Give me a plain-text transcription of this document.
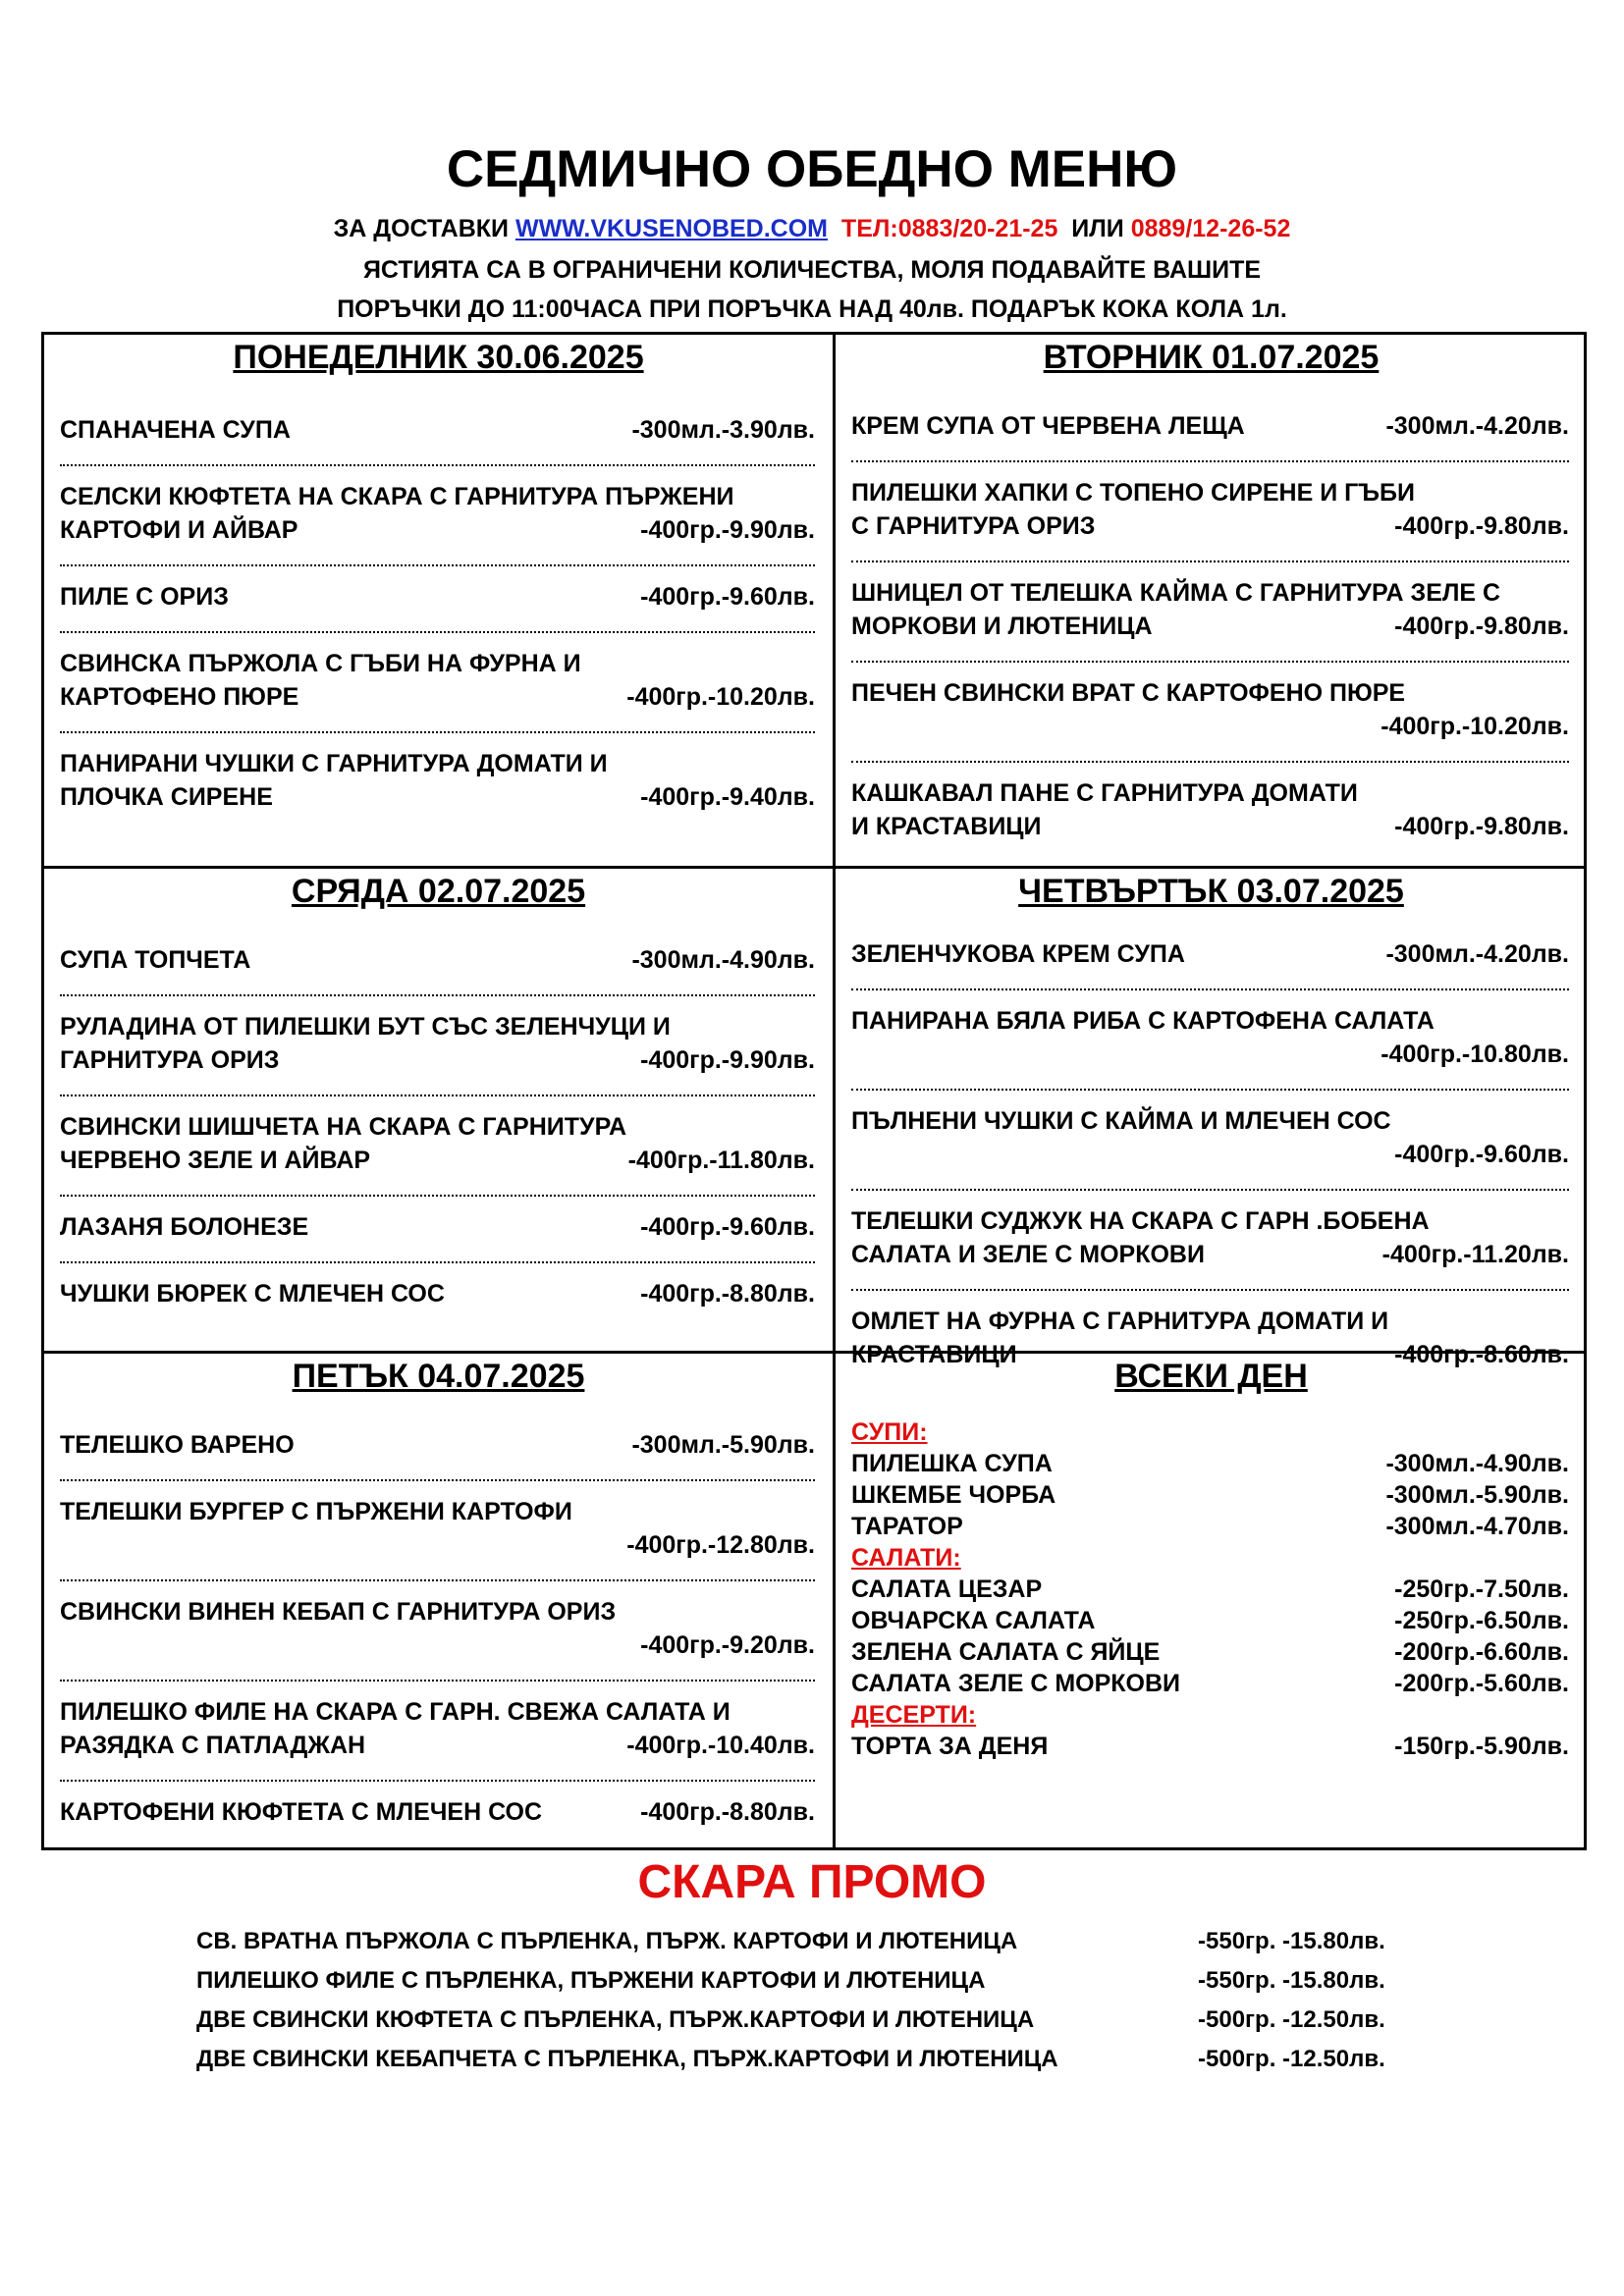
СЕДМИЧНО ОБЕДНО МЕНЮ
ЗА ДОСТАВКИ WWW.VKUSENOBED.COM ТЕЛ:0883/20-21-25 ИЛИ 0889/12-26-52
ЯСТИЯТА СА В ОГРАНИЧЕНИ КОЛИЧЕСТВА, МОЛЯ ПОДАВАЙТЕ ВАШИТЕ
ПОРЪЧКИ ДО 11:00ЧАСА ПРИ ПОРЪЧКА НАД 40лв. ПОДАРЪК КОКА КОЛА 1л.
ПОНЕДЕЛНИК 30.06.2025
СПАНАЧЕНА СУПА	-300мл.-3.90лв.
СЕЛСКИ КЮФТЕТА НА СКАРА С ГАРНИТУРА ПЪРЖЕНИ
КАРТОФИ И АЙВАР	-400гр.-9.90лв.
ПИЛЕ С ОРИЗ	-400гр.-9.60лв.
СВИНСКА ПЪРЖОЛА С ГЪБИ НА ФУРНА И
КАРТОФЕНО ПЮРЕ	-400гр.-10.20лв.
ПАНИРАНИ ЧУШКИ С ГАРНИТУРА ДОМАТИ И
ПЛОЧКА СИРЕНЕ	-400гр.-9.40лв.
ВТОРНИК 01.07.2025
КРЕМ СУПА ОТ ЧЕРВЕНА ЛЕЩА	-300мл.-4.20лв.
ПИЛЕШКИ ХАПКИ С ТОПЕНО СИРЕНЕ И ГЪБИ
С ГАРНИТУРА ОРИЗ	-400гр.-9.80лв.
ШНИЦЕЛ ОТ ТЕЛЕШКА КАЙМА С ГАРНИТУРА ЗЕЛЕ С
МОРКОВИ И ЛЮТЕНИЦА	-400гр.-9.80лв.
ПЕЧЕН СВИНСКИ ВРАТ С КАРТОФЕНО ПЮРЕ

-400гр.-10.20лв.
КАШКАВАЛ ПАНЕ С ГАРНИТУРА ДОМАТИ
И КРАСТАВИЦИ	-400гр.-9.80лв.
СРЯДА 02.07.2025
СУПА ТОПЧЕТА	-300мл.-4.90лв.
РУЛАДИНА ОТ ПИЛЕШКИ БУТ СЪС ЗЕЛЕНЧУЦИ И
ГАРНИТУРА ОРИЗ	-400гр.-9.90лв.
СВИНСКИ ШИШЧЕТА НА СКАРА С ГАРНИТУРА
ЧЕРВЕНО ЗЕЛЕ И АЙВАР	-400гр.-11.80лв.
ЛАЗАНЯ БОЛОНЕЗЕ	-400гр.-9.60лв.
ЧУШКИ БЮРЕК С МЛЕЧЕН СОС	-400гр.-8.80лв.
ЧЕТВЪРТЪК 03.07.2025
ЗЕЛЕНЧУКОВА КРЕМ СУПА	-300мл.-4.20лв.
ПАНИРАНА БЯЛА РИБА С КАРТОФЕНА САЛАТА

-400гр.-10.80лв.
ПЪЛНЕНИ ЧУШКИ С КАЙМА И МЛЕЧЕН СОС

-400гр.-9.60лв.
ТЕЛЕШКИ СУДЖУК НА СКАРА С ГАРН .БОБЕНА
САЛАТА И ЗЕЛЕ С МОРКОВИ	-400гр.-11.20лв.
ОМЛЕТ НА ФУРНА С ГАРНИТУРА ДОМАТИ И
КРАСТАВИЦИ	-400гр.-8.60лв.
ПЕТЪК 04.07.2025
ТЕЛЕШКО ВАРЕНО	-300мл.-5.90лв.
ТЕЛЕШКИ БУРГЕР С ПЪРЖЕНИ КАРТОФИ

-400гр.-12.80лв.
СВИНСКИ ВИНЕН КЕБАП С ГАРНИТУРА ОРИЗ

-400гр.-9.20лв.
ПИЛЕШКО ФИЛЕ НА СКАРА С ГАРН. СВЕЖА САЛАТА И
РАЗЯДКА С ПАТЛАДЖАН	-400гр.-10.40лв.
КАРТОФЕНИ КЮФТЕТА С МЛЕЧЕН СОС	-400гр.-8.80лв.
ВСЕКИ ДЕН
СУПИ:
ПИЛЕШКА СУПА	-300мл.-4.90лв.
ШКЕМБЕ ЧОРБА	-300мл.-5.90лв.
ТАРАТОР	-300мл.-4.70лв.
САЛАТИ:
САЛАТА ЦЕЗАР	-250гр.-7.50лв.
ОВЧАРСКА САЛАТА	-250гр.-6.50лв.
ЗЕЛЕНА САЛАТА С ЯЙЦЕ	-200гр.-6.60лв.
САЛАТА ЗЕЛЕ С МОРКОВИ	-200гр.-5.60лв.
ДЕСЕРТИ:
ТОРТА ЗА ДЕНЯ	-150гр.-5.90лв.
СКАРА ПРОМО
СВ. ВРАТНА ПЪРЖОЛА С ПЪРЛЕНКА, ПЪРЖ. КАРТОФИ И ЛЮТЕНИЦА	-550гр. -15.80лв.
ПИЛЕШКО ФИЛЕ С ПЪРЛЕНКА, ПЪРЖЕНИ КАРТОФИ И ЛЮТЕНИЦА	-550гр. -15.80лв.
ДВЕ СВИНСКИ КЮФТЕТА С ПЪРЛЕНКА, ПЪРЖ.КАРТОФИ И ЛЮТЕНИЦА	-500гр. -12.50лв.
ДВЕ СВИНСКИ КЕБАПЧЕТА С ПЪРЛЕНКА, ПЪРЖ.КАРТОФИ И ЛЮТЕНИЦА	-500гр. -12.50лв.
